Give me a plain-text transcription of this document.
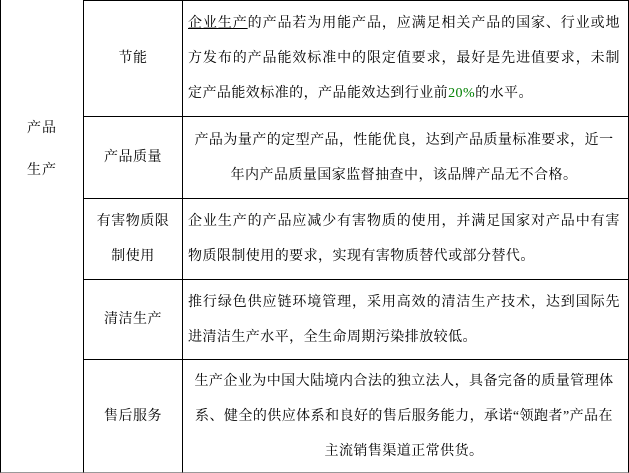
产品
生产
节能

企业生产的产品若为用能产品，应满足相关产品的国家、行业或地方发布的产品能效标准中的限定值要求，最好是先进值要求，未制定产品能效标准的，产品能效达到行业前20%的水平。

产品质量

产品为量产的定型产品，性能优良，达到产品质量标准要求，近一年内产品质量国家监督抽查中，该品牌产品无不合格。

有害物质限制使用

企业生产的产品应减少有害物质的使用，并满足国家对产品中有害物质限制使用的要求，实现有害物质替代或部分替代。

清洁生产

推行绿色供应链环境管理，采用高效的清洁生产技术，达到国际先进清洁生产水平，全生命周期污染排放较低。

售后服务

生产企业为中国大陆境内合法的独立法人，具备完备的质量管理体系、健全的供应体系和良好的售后服务能力，承诺“领跑者”产品在主流销售渠道正常供货。
